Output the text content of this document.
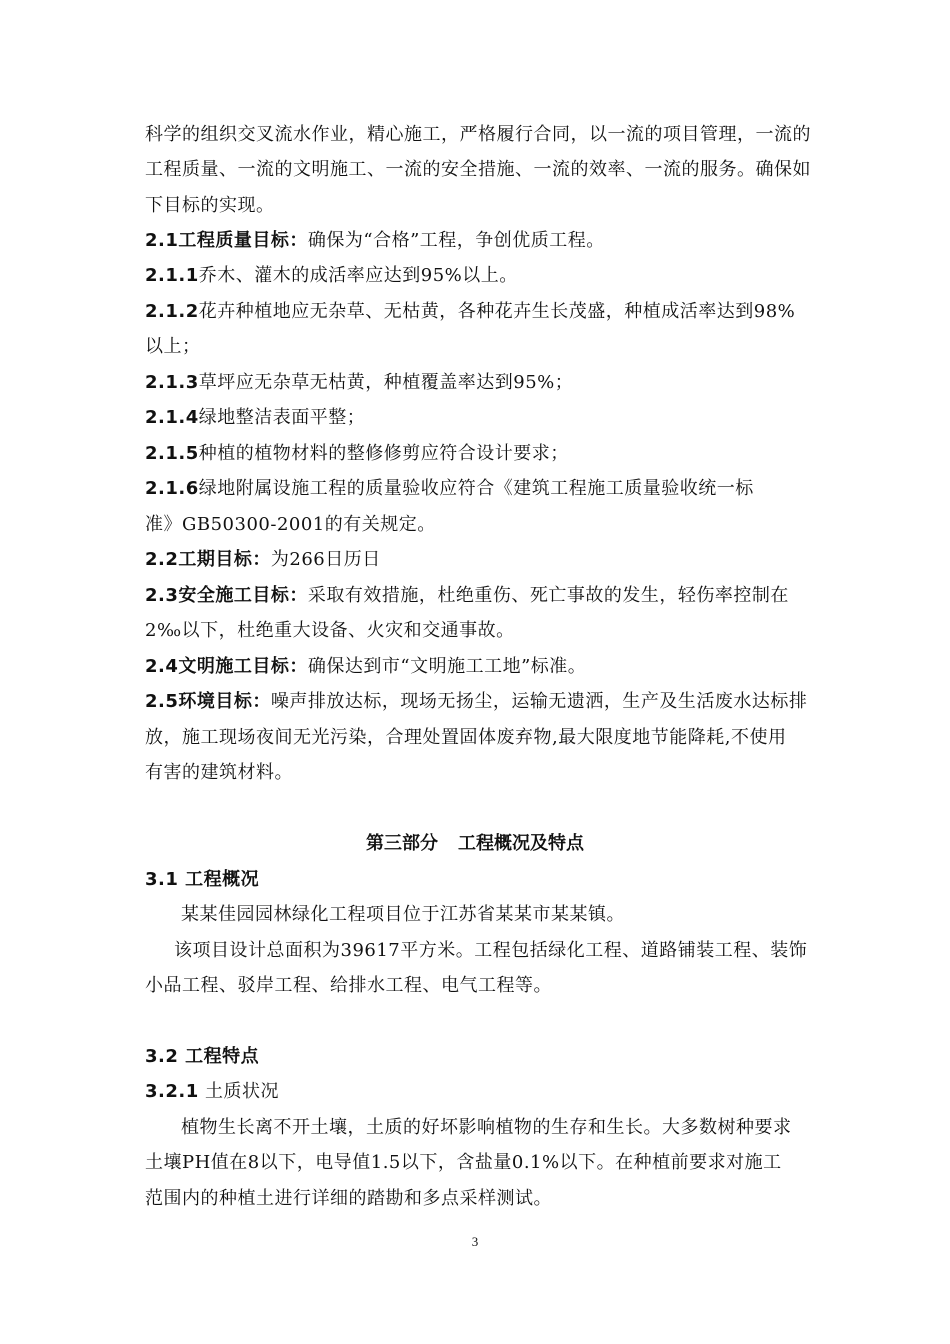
科学的组织交叉流水作业，精心施工，严格履行合同，以一流的项目管理，一流的
工程质量、一流的文明施工、一流的安全措施、一流的效率、一流的服务。确保如
下目标的实现。
2.1工程质量目标：确保为“合格”工程，争创优质工程。
2.1.1乔木、灌木的成活率应达到95%以上。
2.1.2花卉种植地应无杂草、无枯黄，各种花卉生长茂盛，种植成活率达到98%
以上；
2.1.3草坪应无杂草无枯黄，种植覆盖率达到95%；
2.1.4绿地整洁表面平整；
2.1.5种植的植物材料的整修修剪应符合设计要求；
2.1.6绿地附属设施工程的质量验收应符合《建筑工程施工质量验收统一标
准》GB50300-2001的有关规定。
2.2工期目标：为266日历日
2.3安全施工目标：采取有效措施，杜绝重伤、死亡事故的发生，轻伤率控制在
2‰以下，杜绝重大设备、火灾和交通事故。
2.4文明施工目标：确保达到市“文明施工工地”标准。
2.5环境目标：噪声排放达标，现场无扬尘，运输无遗洒，生产及生活废水达标排
放，施工现场夜间无光污染，合理处置固体废弃物,最大限度地节能降耗,不使用
有害的建筑材料。
第三部分 工程概况及特点
3.1 工程概况
某某佳园园林绿化工程项目位于江苏省某某市某某镇。
该项目设计总面积为39617平方米。工程包括绿化工程、道路铺装工程、装饰
小品工程、驳岸工程、给排水工程、电气工程等。
3.2 工程特点
3.2.1 土质状况
植物生长离不开土壤，土质的好坏影响植物的生存和生长。大多数树种要求
土壤PH值在8以下，电导值1.5以下，含盐量0.1%以下。在种植前要求对施工
范围内的种植土进行详细的踏勘和多点采样测试。
3
